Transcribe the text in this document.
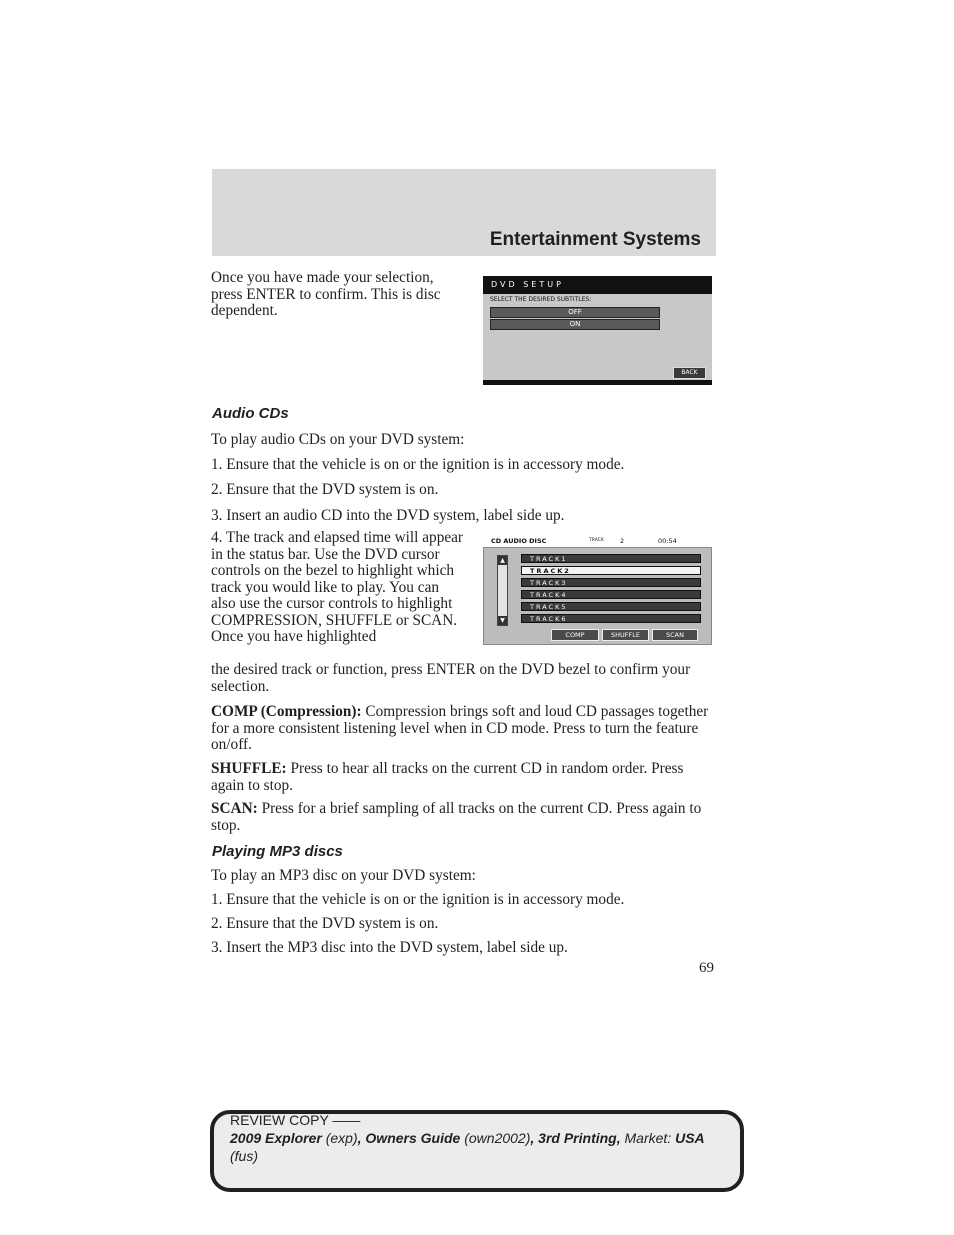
Entertainment Systems

Once you have made your selection, press ENTER to confirm. This is disc dependent.

DVD SETUP
SELECT THE DESIRED SUBTITLES:
OFF
ON
BACK
Audio CDs

To play audio CDs on your DVD system:

1. Ensure that the vehicle is on or the ignition is in accessory mode.

2. Ensure that the DVD system is on.

3. Insert an audio CD into the DVD system, label side up.

4. The track and elapsed time will appear in the status bar. Use the DVD cursor controls on the bezel to highlight which track you would like to play. You can also use the cursor controls to highlight COMPRESSION, SHUFFLE or SCAN. Once you have highlighted

the desired track or function, press ENTER on the DVD bezel to confirm your selection.

CD AUDIO DISC	TRACK 2	00:54
▲
▼
TRACK1
TRACK2
TRACK3
TRACK4
TRACK5
TRACK6
COMP	SHUFFLE	SCAN

COMP (Compression): Compression brings soft and loud CD passages together for a more consistent listening level when in CD mode. Press to turn the feature on/off.

SHUFFLE: Press to hear all tracks on the current CD in random order. Press again to stop.

SCAN: Press for a brief sampling of all tracks on the current CD. Press again to stop.

Playing MP3 discs

To play an MP3 disc on your DVD system:

1. Ensure that the vehicle is on or the ignition is in accessory mode.

2. Ensure that the DVD system is on.

3. Insert the MP3 disc into the DVD system, label side up.

69
REVIEW COPY ——
2009 Explorer (exp), Owners Guide (own2002), 3rd Printing, Market: USA
(fus)
